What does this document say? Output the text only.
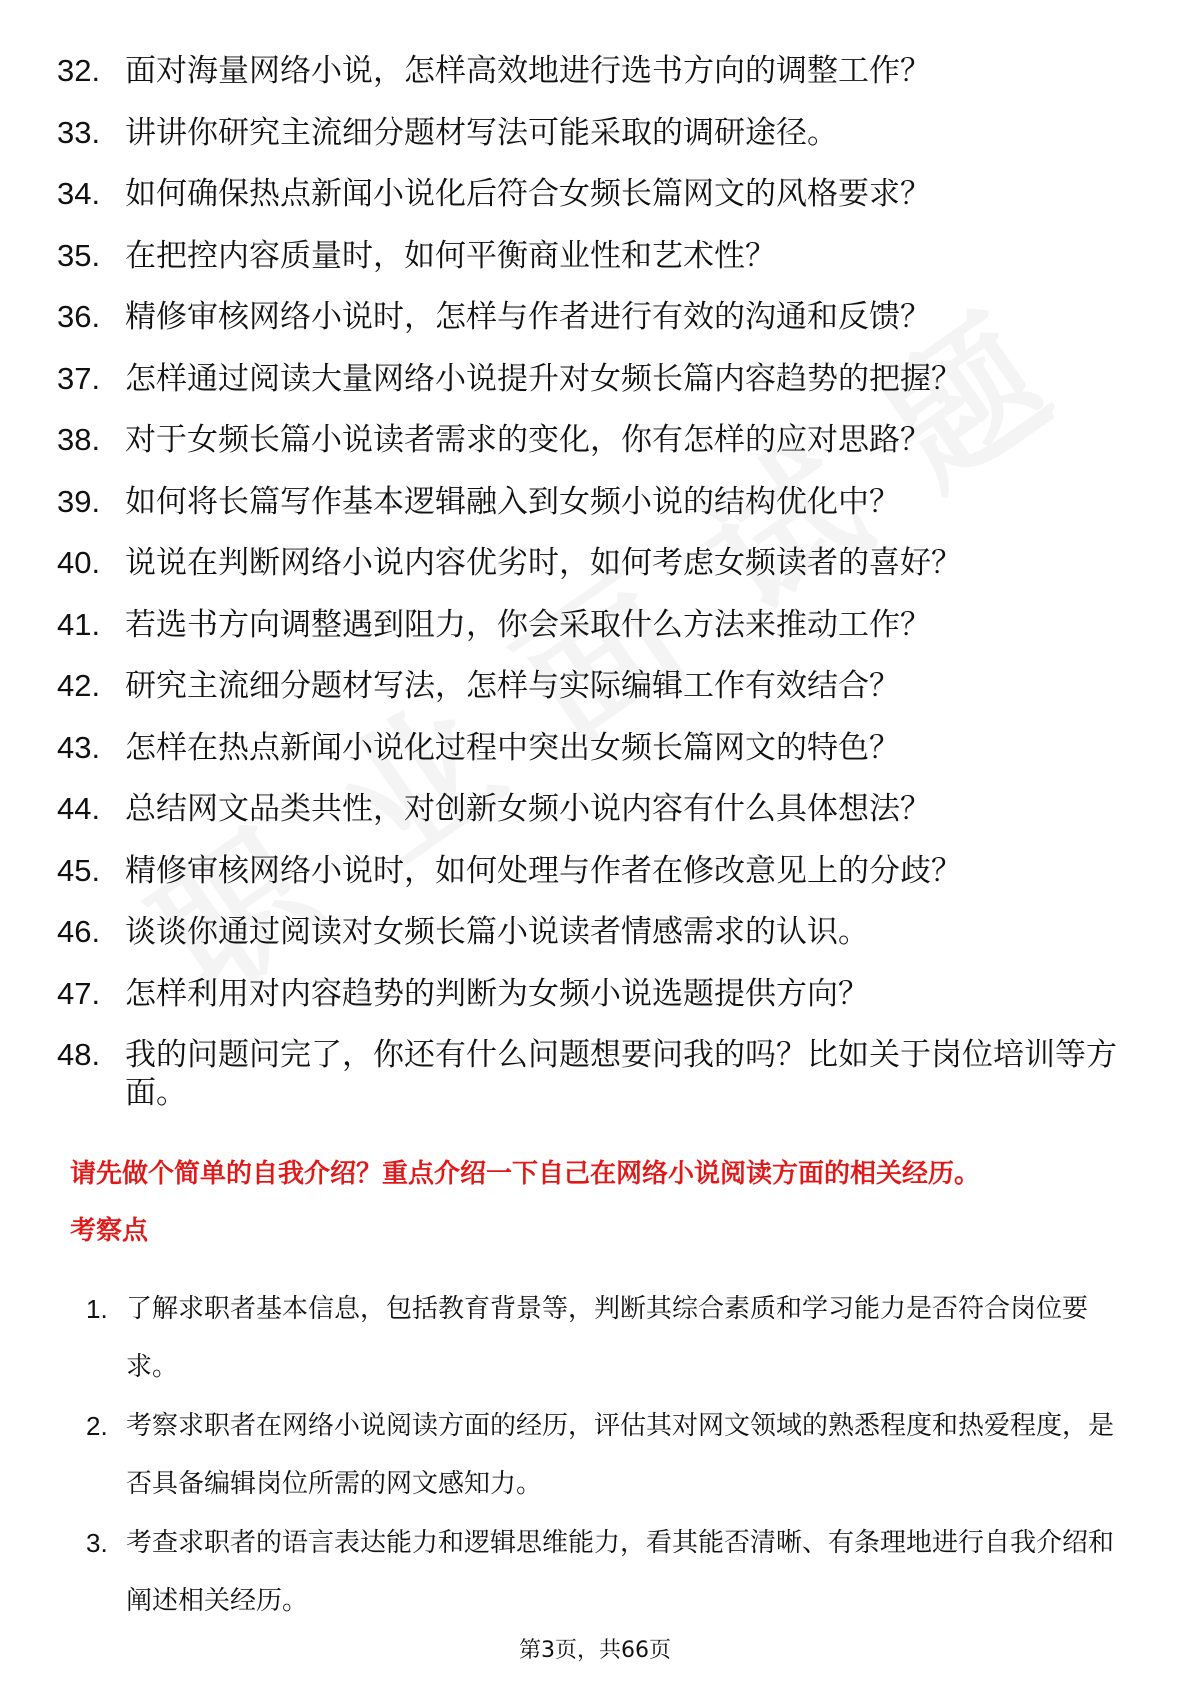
32. 面对海量网络小说，怎样高效地进行选书方向的调整工作？
33. 讲讲你研究主流细分题材写法可能采取的调研途径。
34. 如何确保热点新闻小说化后符合女频长篇网文的风格要求？
35. 在把控内容质量时，如何平衡商业性和艺术性？
36. 精修审核网络小说时，怎样与作者进行有效的沟通和反馈？
37. 怎样通过阅读大量网络小说提升对女频长篇内容趋势的把握？
38. 对于女频长篇小说读者需求的变化，你有怎样的应对思路？
39. 如何将长篇写作基本逻辑融入到女频小说的结构优化中？
40. 说说在判断网络小说内容优劣时，如何考虑女频读者的喜好？
41. 若选书方向调整遇到阻力，你会采取什么方法来推动工作？
42. 研究主流细分题材写法，怎样与实际编辑工作有效结合？
43. 怎样在热点新闻小说化过程中突出女频长篇网文的特色？
44. 总结网文品类共性，对创新女频小说内容有什么具体想法？
45. 精修审核网络小说时，如何处理与作者在修改意见上的分歧？
46. 谈谈你通过阅读对女频长篇小说读者情感需求的认识。
47. 怎样利用对内容趋势的判断为女频小说选题提供方向？
48. 我的问题问完了，你还有什么问题想要问我的吗？比如关于岗位培训等方面。

请先做个简单的自我介绍？重点介绍一下自己在网络小说阅读方面的相关经历。

考察点

1. 了解求职者基本信息，包括教育背景等，判断其综合素质和学习能力是否符合岗位要求。
2. 考察求职者在网络小说阅读方面的经历，评估其对网文领域的熟悉程度和热爱程度，是否具备编辑岗位所需的网文感知力。
3. 考查求职者的语言表达能力和逻辑思维能力，看其能否清晰、有条理地进行自我介绍和阐述相关经历。
第3页，共66页
